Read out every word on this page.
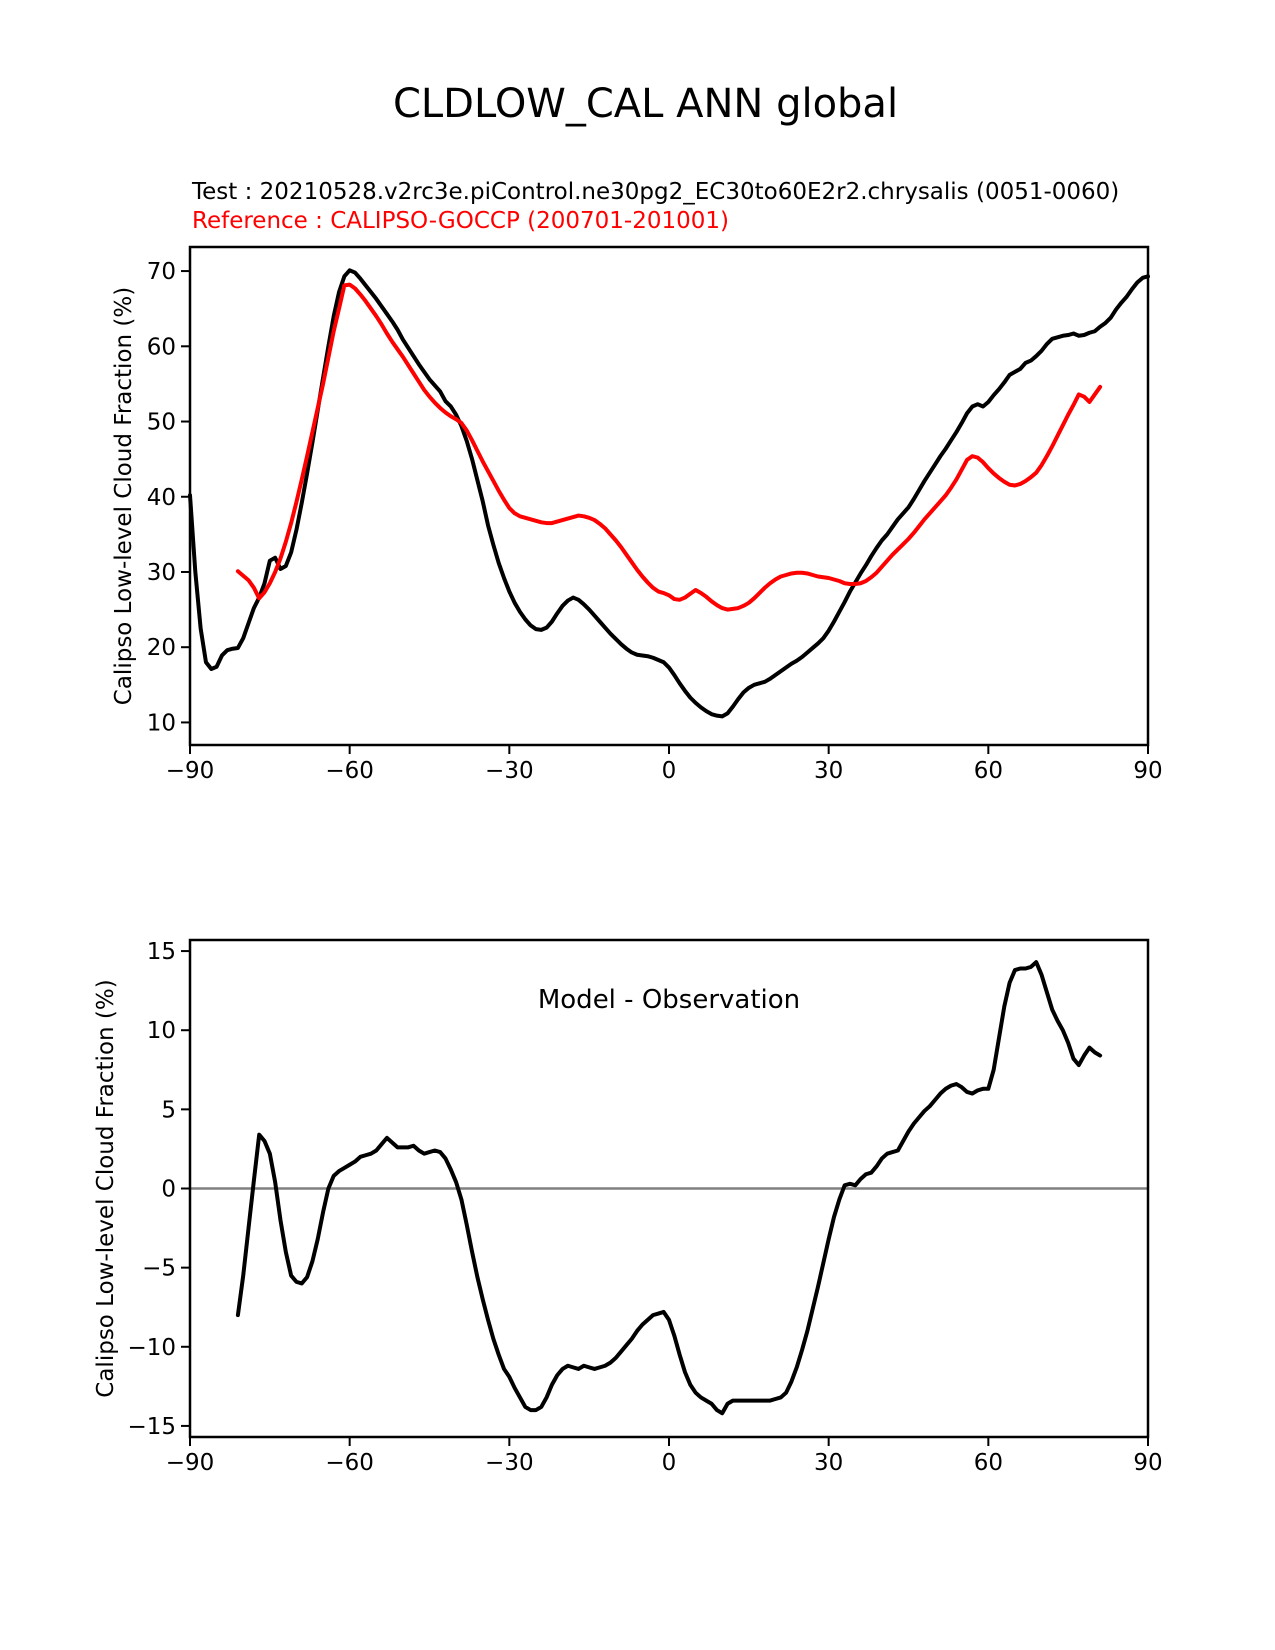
CLDLOW_CAL ANN global
Test : 20210528.v2rc3e.piControl.ne30pg2_EC30to60E2r2.chrysalis (0051-0060)
Reference : CALIPSO-GOCCP (200701-201001)
−90	−60	−30	0	30	60	90
10
20
30
40
50
60
70
Calipso Low-level Cloud Fraction (%)
−90	−60	−30	0	30	60	90
−15
−10
−5
0
5
10
15
Calipso Low-level Cloud Fraction (%)	Model - Observation
